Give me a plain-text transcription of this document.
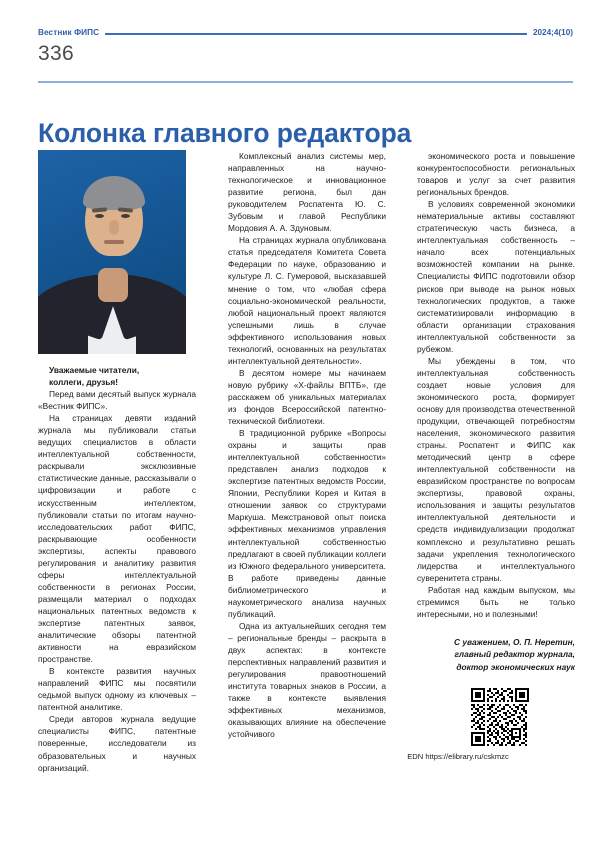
Вестник ФИПС	2024;4(10)
336
Колонка главного редактора

Уважаемые читатели,

коллеги, друзья!

Перед вами десятый выпуск журнала «Вестник ФИПС».

На страницах девяти изданий журнала мы публиковали статьи ведущих специалистов в области интеллектуальной собственности, раскрывали эксклюзивные статистические данные, рассказывали о цифровизации и работе с искусственным интеллектом, публиковали статьи по итогам научно-исследовательских работ ФИПС, раскрывающие особенности экспертизы, аспекты правового регулирования и аналитику развития сферы интеллектуальной собственности в регионах России, размещали материал о подходах национальных патентных ведомств к экспертизе патентных заявок, аналитические обзоры патентной активности на евразийском пространстве.

В контексте развития научных направлений ФИПС мы посвятили седьмой выпуск одному из ключевых – патентной аналитике.

Среди авторов журнала ведущие специалисты ФИПС, патентные поверенные, исследователи из образовательных и научных организаций.

Комплексный анализ системы мер, направленных на научно-технологическое и инновационное развитие региона, был дан руководителем Роспатента Ю. С. Зубовым и главой Республики Мордовия А. А. Здуновым.

На страницах журнала опубликована статья председателя Комитета Совета Федерации по науке, образованию и культуре Л. С. Гумеровой, высказавшей мнение о том, что «любая сфера социально-экономической реальности, любой национальный проект являются успешными лишь в случае эффективного использования новых технологий, основанных на результатах интеллектуальной деятельности».

В десятом номере мы начинаем новую рубрику «Х-файлы ВПТБ», где расскажем об уникальных материалах из фондов Всероссийской патентно-технической библиотеки.

В традиционной рубрике «Вопросы охраны и защиты прав интеллектуальной собственности» представлен анализ подходов к экспертизе патентных ведомств России, Японии, Республики Корея и Китая в отношении заявок со структурами Маркуша. Межстрановой опыт поиска эффективных механизмов управления интеллектуальной собственностью предлагают в своей публикации коллеги из Южного федерального университета. В работе приведены данные библиометрического и наукометрического анализа научных публикаций.

Одна из актуальнейших сегодня тем – региональные бренды – раскрыта в двух аспектах: в контексте перспективных направлений развития и регулирования правоотношений института товарных знаков в России, а также в контексте выявления эффективных механизмов, оказывающих влияние на обеспечение устойчивого

экономического роста и повышение конкурентоспособности региональных товаров и услуг за счет развития региональных брендов.

В условиях современной экономики нематериальные активы составляют стратегическую часть бизнеса, а интеллектуальная собственность – начало всех потенциальных возможностей компании на рынке. Специалисты ФИПС подготовили обзор рисков при выводе на рынок новых технологических продуктов, а также систематизировали информацию в области организации страхования интеллектуальной собственности за рубежом.

Мы убеждены в том, что интеллектуальная собственность создает новые условия для экономического роста, формирует основу для производства отечественной продукции, отвечающей потребностям населения, экономического развития страны. Роспатент и ФИПС как методический центр в сфере интеллектуальной собственности на евразийском пространстве по вопросам экспертизы, правовой охраны, использования и защиты результатов интеллектуальной деятельности и средств индивидуализации продолжат комплексно и результативно решать задачи укрепления технологического лидерства и интеллектуального суверенитета страны.

Работая над каждым выпуском, мы стремимся быть не только интересными, но и полезными!

С уважением, О. П. Неретин,
главный редактор журнала,
доктор экономических наук
EDN https://elibrary.ru/cskmzc
